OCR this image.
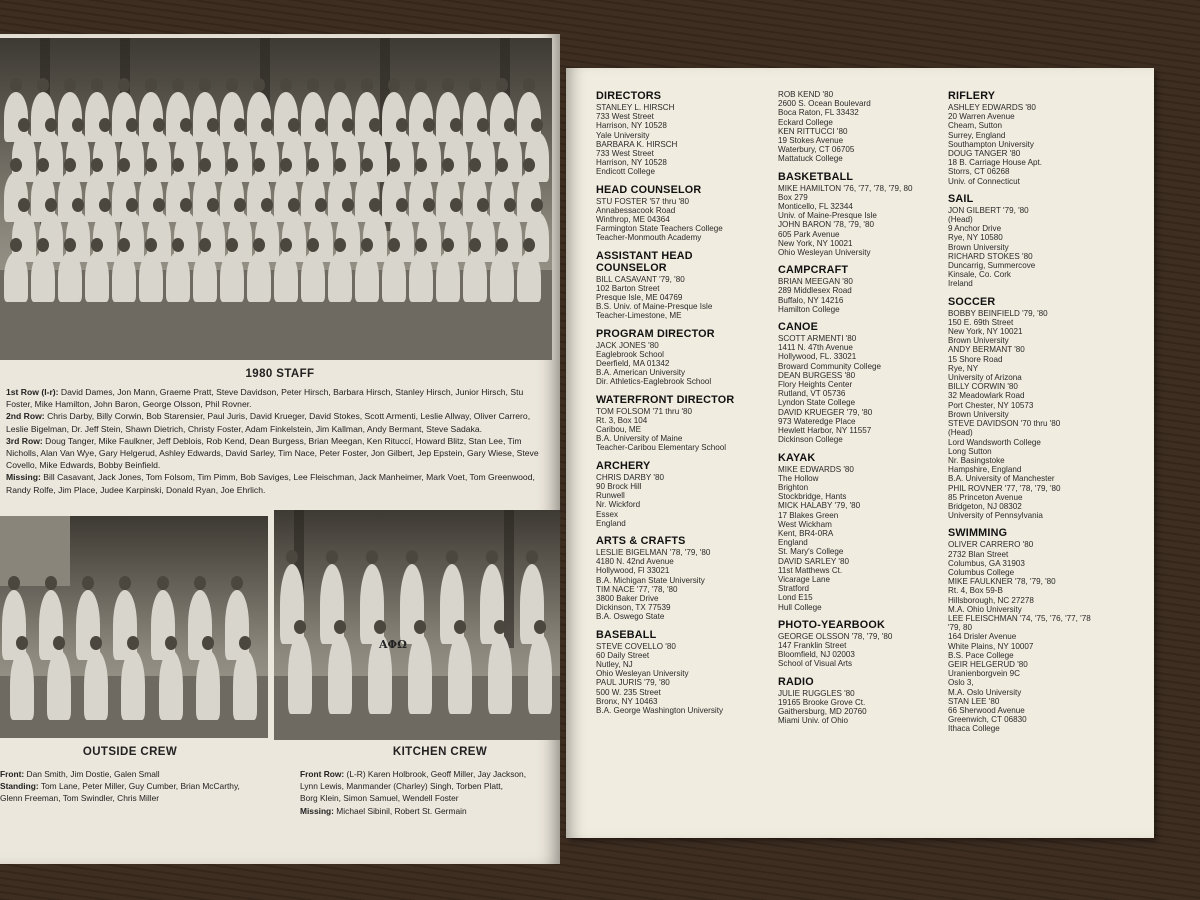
1980 STAFF
1st Row (l-r): David Dames, Jon Mann, Graeme Pratt, Steve Davidson, Peter Hirsch, Barbara Hirsch, Stanley Hirsch, Junior Hirsch, Stu Foster, Mike Hamilton, John Baron, George Olsson, Phil Rovner.
2nd Row: Chris Darby, Billy Corwin, Bob Starensier, Paul Juris, David Krueger, David Stokes, Scott Armenti, Leslie Allway, Oliver Carrero, Leslie Bigelman, Dr. Jeff Stein, Shawn Dietrich, Christy Foster, Adam Finkelstein, Jim Kallman, Andy Bermant, Steve Sadaka.
3rd Row: Doug Tanger, Mike Faulkner, Jeff Deblois, Rob Kend, Dean Burgess, Brian Meegan, Ken Rituccí, Howard Blitz, Stan Lee, Tim Nicholls, Alan Van Wye, Gary Helgerud, Ashley Edwards, David Sarley, Tim Nace, Peter Foster, Jon Gilbert, Jep Epstein, Gary Wiese, Steve Covello, Mike Edwards, Bobby Beinfield.
Missing: Bill Casavant, Jack Jones, Tom Folsom, Tim Pimm, Bob Saviges, Lee Fleischman, Jack Manheimer, Mark Voet, Tom Greenwood, Randy Rolfe, Jim Place, Judee Karpinski, Donald Ryan, Joe Ehrlich.
AΦΩ
OUTSIDE CREW
Front: Dan Smith, Jim Dostie, Galen Small
Standing: Tom Lane, Peter Miller, Guy Cumber, Brian McCarthy,
Glenn Freeman, Tom Swindler, Chris Miller
KITCHEN CREW
Front Row: (L-R) Karen Holbrook, Geoff Miller, Jay Jackson,
Lynn Lewis, Manmander (Charley) Singh, Torben Platt,
Borg Klein, Simon Samuel, Wendell Foster
Missing: Michael Sibinil, Robert St. Germain
DIRECTORS
STANLEY L. HIRSCH
733 West Street
Harrison, NY 10528
Yale University
BARBARA K. HIRSCH
733 West Street
Harrison, NY 10528
Endicott College
HEAD COUNSELOR
STU FOSTER '57 thru '80
Annabessacook Road
Winthrop, ME 04364
Farmington State Teachers College
Teacher-Monmouth Academy
ASSISTANT HEAD COUNSELOR
BILL CASAVANT '79, '80
102 Barton Street
Presque Isle, ME 04769
B.S. Univ. of Maine-Presque Isle
Teacher-Limestone, ME
PROGRAM DIRECTOR
JACK JONES '80
Eaglebrook School
Deerfield, MA 01342
B.A. American University
Dir. Athletics-Eaglebrook School
WATERFRONT DIRECTOR
TOM FOLSOM '71 thru '80
Rt. 3, Box 104
Caribou, ME
B.A. University of Maine
Teacher-Caribou Elementary School
ARCHERY
CHRIS DARBY '80
90 Brock Hill
Runwell
Nr. Wickford
Essex
England
ARTS & CRAFTS
LESLIE BIGELMAN '78, '79, '80
4180 N. 42nd Avenue
Hollywood, Fl 33021
B.A. Michigan State University
TIM NACE '77, '78, '80
3800 Baker Drive
Dickinson, TX 77539
B.A. Oswego State
BASEBALL
STEVE COVELLO '80
60 Daily Street
Nutley, NJ
Ohio Wesleyan University
PAUL JURIS '79, '80
500 W. 235 Street
Bronx, NY 10463
B.A. George Washington University
ROB KEND '80
2600 S. Ocean Boulevard
Boca Raton, FL 33432
Eckard College
KEN RITTUCCI '80
19 Stokes Avenue
Waterbury, CT 06705
Mattatuck College
BASKETBALL
MIKE HAMILTON '76, '77, '78, '79, 80
Box 279
Monticello, FL 32344
Univ. of Maine-Presque Isle
JOHN BARON '78, '79, '80
605 Park Avenue
New York, NY 10021
Ohio Wesleyan University
CAMPCRAFT
BRIAN MEEGAN '80
289 Middlesex Road
Buffalo, NY 14216
Hamilton College
CANOE
SCOTT ARMENTI '80
1411 N. 47th Avenue
Hollywood, FL. 33021
Broward Community College
DEAN BURGESS '80
Flory Heights Center
Rutland, VT 05736
Lyndon State College
DAVID KRUEGER '79, '80
973 Wateredge Place
Hewlett Harbor, NY 11557
Dickinson College
KAYAK
MIKE EDWARDS '80
The Hollow
Brighton
Stockbridge, Hants
MICK HALABY '79, '80
17 Blakes Green
West Wickham
Kent, BR4-0RA
England
St. Mary's College
DAVID SARLEY '80
11st Matthews Ct.
Vicarage Lane
Stratford
Lond E15
Hull College
PHOTO-YEARBOOK
GEORGE OLSSON '78, '79, '80
147 Franklin Street
Bloomfield, NJ 02003
School of Visual Arts
RADIO
JULIE RUGGLES '80
19165 Brooke Grove Ct.
Gaithersburg, MD 20760
Miami Univ. of Ohio
RIFLERY
ASHLEY EDWARDS '80
20 Warren Avenue
Cheam, Sutton
Surrey, England
Southampton University
DOUG TANGER '80
18 B. Carriage House Apt.
Storrs, CT 06268
Univ. of Connecticut
SAIL
JON GILBERT '79, '80
(Head)
9 Anchor Drive
Rye, NY 10580
Brown University
RICHARD STOKES '80
Duncarrig, Summercove
Kinsale, Co. Cork
Ireland
SOCCER
BOBBY BEINFIELD '79, '80
150 E. 69th Street
New York, NY 10021
Brown University
ANDY BERMANT '80
15 Shore Road
Rye, NY
University of Arizona
BILLY CORWIN '80
32 Meadowlark Road
Port Chester, NY 10573
Brown University
STEVE DAVIDSON '70 thru '80
(Head)
Lord Wandsworth College
Long Sutton
Nr. Basingstoke
Hampshire, England
B.A. University of Manchester
PHIL ROVNER '77, '78, '79, '80
85 Princeton Avenue
Bridgeton, NJ 08302
University of Pennsylvania
SWIMMING
OLIVER CARRERO '80
2732 Blan Street
Columbus, GA 31903
Columbus College
MIKE FAULKNER '78, '79, '80
Rt. 4, Box 59-B
Hillsborough, NC 27278
M.A. Ohio University
LEE FLEISCHMAN '74, '75, '76, '77, '78
'79, 80
164 Drisler Avenue
White Plains, NY 10007
B.S. Pace College
GEIR HELGERUD '80
Uranienborgvein 9C
Oslo 3,
M.A. Oslo University
STAN LEE '80
66 Sherwood Avenue
Greenwich, CT 06830
Ithaca College
